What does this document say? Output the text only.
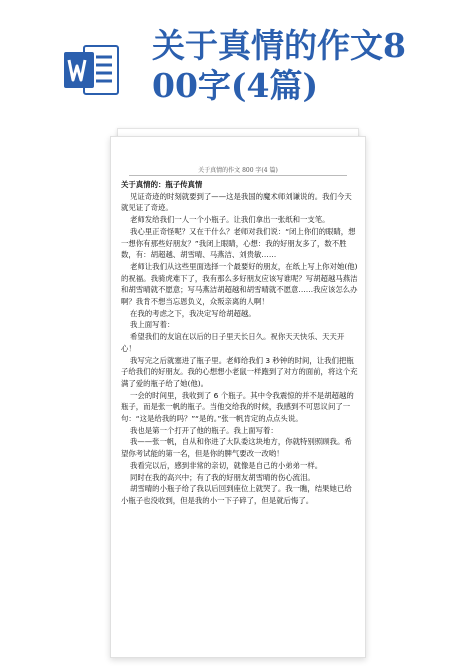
关于真情的作文8
00字(4篇)
关于真情的作文 800 字(4 篇)

关于真情的：瓶子传真情

见证奇迹的时刻就要到了——这是我国的魔术师刘谦说的。我们今天就见证了奇迹。

老师发给我们一人一个小瓶子。让我们拿出一张纸和一支笔。

我心里正奇怪呢？又在干什么？老师对我们说：“闭上你们的眼睛，想一想你有那些好朋友？”我闭上眼睛，心想：我的好朋友多了，数不胜数，有：胡超越、胡雪晴、马燕洁、刘贵敏……

老师让我们从这些里面选择一个最要好的朋友，在纸上写上你对她(他)的祝福。我骑虎难下了，我有那么多好朋友应该写谁呢？写胡超越马燕洁和胡雪晴就不愿意；写马燕洁胡超越和胡雪晴就不愿意……我应该怎么办啊？我肯不想当忘恩负义，众叛亲离的人啊！

在我的考虑之下，我决定写给胡超越。

我上面写着：

希望我们的友谊在以后的日子里天长日久。祝你天天快乐、天天开心！

我写完之后就塞进了瓶子里。老师给我们 3 秒钟的时间，让我们把瓶子给我们的好朋友。我的心想想小老鼠一样跑到了对方的面前，将这个充满了爱的瓶子给了她(他)。

一会的时间里，我收到了 6 个瓶子。其中令我震惊的并不是胡超越的瓶子，而是张一帆的瓶子。当他交给我的时候，我感到不可思议问了一句：“这是给我的吗？”“是的。”张一帆肯定的点点头说。

我也是第一个打开了他的瓶子。我上面写着：

我——张一帆，自从和你进了大队委这块地方，你就特别照顾我。希望你考试能的第一名，但是你的脾气要改一改哟！

我看完以后，感到非常的亲切，就像是自己的小弟弟一样。

同时在我的高兴中；有了我的好朋友胡雪晴的伤心流泪。

胡雪晴的小瓶子给了我以后回到座位上就哭了。我一瞧，结果她已给小瓶子也没收到，但是我的小一下子碎了，但是就后悔了。
